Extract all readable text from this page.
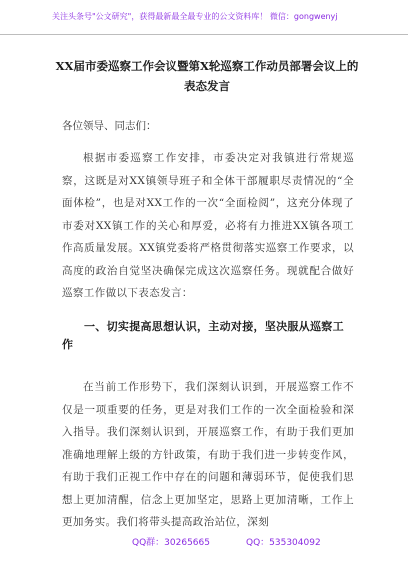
关注头条号"公文研究"，获得最新最全最专业的公文资料库！ 微信：gongwenyj
XX届市委巡察工作会议暨第X轮巡察工作动员部署会议上的表态发言
各位领导、同志们：
根据市委巡察工作安排，市委决定对我镇进行常规巡察，这既是对XX镇领导班子和全体干部履职尽责情况的“全面体检”，也是对XX工作的一次“全面检阅”，这充分体现了市委对XX镇工作的关心和厚爱，必将有力推进XX镇各项工作高质量发展。XX镇党委将严格贯彻落实巡察工作要求，以高度的政治自觉坚决确保完成这次巡察任务。现就配合做好巡察工作做以下表态发言：
一、切实提高思想认识，主动对接，坚决服从巡察工作
在当前工作形势下，我们深刻认识到，开展巡察工作不仅是一项重要的任务，更是对我们工作的一次全面检验和深入指导。我们深刻认识到，开展巡察工作，有助于我们更加准确地理解上级的方针政策，有助于我们进一步转变作风，有助于我们正视工作中存在的问题和薄弱环节，促使我们思想上更加清醒，信念上更加坚定，思路上更加清晰，工作上更加务实。我们将带头提高政治站位，深刻
QQ群：30265665	QQ：535304092
